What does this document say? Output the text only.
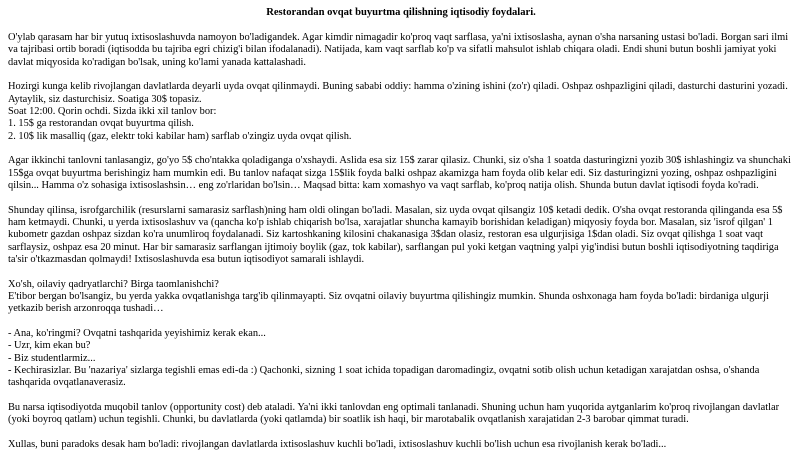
Restorandan ovqat buyurtma qilishning iqtisodiy foydalari.

O'ylab qarasam har bir yutuq ixtisoslashuvda namoyon bo'ladigandek. Agar kimdir nimagadir ko'proq vaqt sarflasa, ya'ni ixtisoslasha, aynan o'sha narsaning ustasi bo'ladi. Borgan sari ilmi va tajribasi ortib boradi (iqtisodda bu tajriba egri chizig'i bilan ifodalanadi). Natijada, kam vaqt sarflab ko'p va sifatli mahsulot ishlab chiqara oladi. Endi shuni butun boshli jamiyat yoki davlat miqyosida ko'radigan bo'lsak, uning ko'lami yanada kattalashadi.

Hozirgi kunga kelib rivojlangan davlatlarda deyarli uyda ovqat qilinmaydi. Buning sababi oddiy: hamma o'zining ishini (zo'r) qiladi. Oshpaz oshpazligini qiladi, dasturchi dasturini yozadi. Aytaylik, siz dasturchisiz. Soatiga 30$ topasiz.
Soat 12:00. Qorin ochdi. Sizda ikki xil tanlov bor:
1. 15$ ga restorandan ovqat buyurtma qilish.
2. 10$ lik masalliq (gaz, elektr toki kabilar ham) sarflab o'zingiz uyda ovqat qilish.

Agar ikkinchi tanlovni tanlasangiz, go'yo 5$ cho'ntakka qoladiganga o'xshaydi. Aslida esa siz 15$ zarar qilasiz. Chunki, siz o'sha 1 soatda dasturingizni yozib 30$ ishlashingiz va shunchaki 15$ga ovqat buyurtma berishingiz ham mumkin edi. Bu tanlov nafaqat sizga 15$lik foyda balki oshpaz akamizga ham foyda olib kelar edi. Siz dasturingizni yozing, oshpaz oshpazligini qilsin... Hamma o'z sohasiga ixtisoslashsin… eng zo'rlaridan bo'lsin… Maqsad bitta: kam xomashyo va vaqt sarflab, ko'proq natija olish. Shunda butun davlat iqtisodi foyda ko'radi.

Shunday qilinsa, isrofgarchilik (resurslarni samarasiz sarflash)ning ham oldi olingan bo'ladi. Masalan, siz uyda ovqat qilsangiz 10$ ketadi dedik. O'sha ovqat restoranda qilinganda esa 5$ ham ketmaydi. Chunki, u yerda ixtisoslashuv va (qancha ko'p ishlab chiqarish bo'lsa, xarajatlar shuncha kamayib borishidan keladigan) miqyosiy foyda bor. Masalan, siz 'isrof qilgan' 1 kubometr gazdan oshpaz sizdan ko'ra unumliroq foydalanadi. Siz kartoshkaning kilosini chakanasiga 3$dan olasiz, restoran esa ulgurjisiga 1$dan oladi. Siz ovqat qilishga 1 soat vaqt sarflaysiz, oshpaz esa 20 minut. Har bir samarasiz sarflangan ijtimoiy boylik (gaz, tok kabilar), sarflangan pul yoki ketgan vaqtning yalpi yig'indisi butun boshli iqtisodiyotning taqdiriga ta'sir o'tkazmasdan qolmaydi! Ixtisoslashuvda esa butun iqtisodiyot samarali ishlaydi.

Xo'sh, oilaviy qadryatlarchi? Birga taomlanishchi?
E'tibor bergan bo'lsangiz, bu yerda yakka ovqatlanishga targ'ib qilinmayapti. Siz ovqatni oilaviy buyurtma qilishingiz mumkin. Shunda oshxonaga ham foyda bo'ladi: birdaniga ulgurji yetkazib berish arzonroqqa tushadi…

- Ana, ko'ringmi? Ovqatni tashqarida yeyishimiz kerak ekan...
- Uzr, kim ekan bu?
- Biz studentlarmiz...
- Kechirasizlar. Bu 'nazariya' sizlarga tegishli emas edi-da :) Qachonki, sizning 1 soat ichida topadigan daromadingiz, ovqatni sotib olish uchun ketadigan xarajatdan oshsa, o'shanda tashqarida ovqatlanaverasiz.

Bu narsa iqtisodiyotda muqobil tanlov (opportunity cost) deb ataladi. Ya'ni ikki tanlovdan eng optimali tanlanadi. Shuning uchun ham yuqorida aytganlarim ko'proq rivojlangan davlatlar (yoki boyroq qatlam) uchun tegishli. Chunki, bu davlatlarda (yoki qatlamda) bir soatlik ish haqi, bir marotabalik ovqatlanish xarajatidan 2-3 barobar qimmat turadi.

Xullas, buni paradoks desak ham bo'ladi: rivojlangan davlatlarda ixtisoslashuv kuchli bo'ladi, ixtisoslashuv kuchli bo'lish uchun esa rivojlanish kerak bo'ladi...
